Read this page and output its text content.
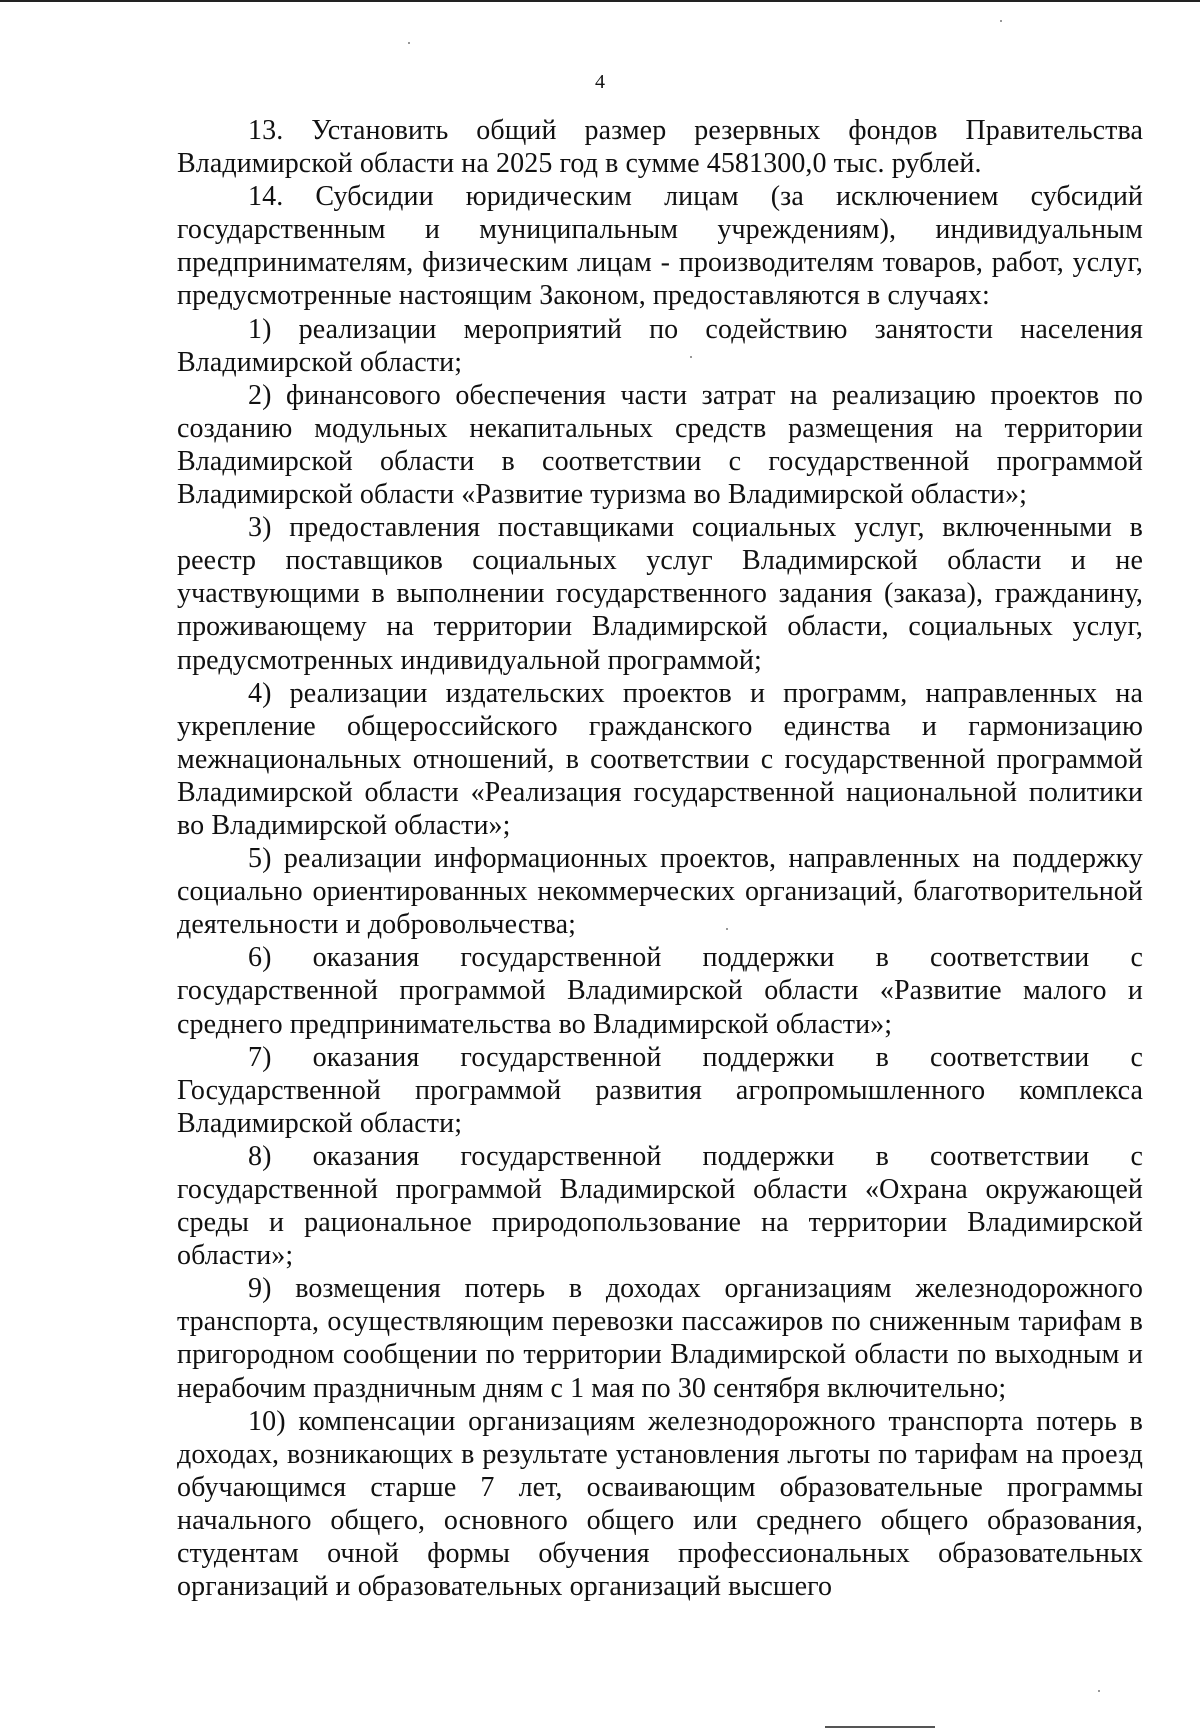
4

13. Установить общий размер резервных фондов Правительства Владимирской области на 2025 год в сумме 4581300,0 тыс. рублей.

14. Субсидии юридическим лицам (за исключением субсидий государственным и муниципальным учреждениям), индивидуальным предпринимателям, физическим лицам - производителям товаров, работ, услуг, предусмотренные настоящим Законом, предоставляются в случаях:

1) реализации мероприятий по содействию занятости населения Владимирской области;

2) финансового обеспечения части затрат на реализацию проектов по созданию модульных некапитальных средств размещения на территории Владимирской области в соответствии с государственной программой Владимирской области «Развитие туризма во Владимирской области»;

3) предоставления поставщиками социальных услуг, включенными в реестр поставщиков социальных услуг Владимирской области и не участвующими в выполнении государственного задания (заказа), гражданину, проживающему на территории Владимирской области, социальных услуг, предусмотренных индивидуальной программой;

4) реализации издательских проектов и программ, направленных на укрепление общероссийского гражданского единства и гармонизацию межнациональных отношений, в соответствии с государственной программой Владимирской области «Реализация государственной национальной политики во Владимирской области»;

5) реализации информационных проектов, направленных на поддержку социально ориентированных некоммерческих организаций, благотворительной деятельности и добровольчества;

6) оказания государственной поддержки в соответствии с государственной программой Владимирской области «Развитие малого и среднего предпринимательства во Владимирской области»;

7) оказания государственной поддержки в соответствии с Государственной программой развития агропромышленного комплекса Владимирской области;

8) оказания государственной поддержки в соответствии с государственной программой Владимирской области «Охрана окружающей среды и рациональное природопользование на территории Владимирской области»;

9) возмещения потерь в доходах организациям железнодорожного транспорта, осуществляющим перевозки пассажиров по сниженным тарифам в пригородном сообщении по территории Владимирской области по выходным и нерабочим праздничным дням с 1 мая по 30 сентября включительно;

10) компенсации организациям железнодорожного транспорта потерь в доходах, возникающих в результате установления льготы по тарифам на проезд обучающимся старше 7 лет, осваивающим образовательные программы начального общего, основного общего или среднего общего образования, студентам очной формы обучения профессиональных образовательных организаций и образовательных организаций высшего
